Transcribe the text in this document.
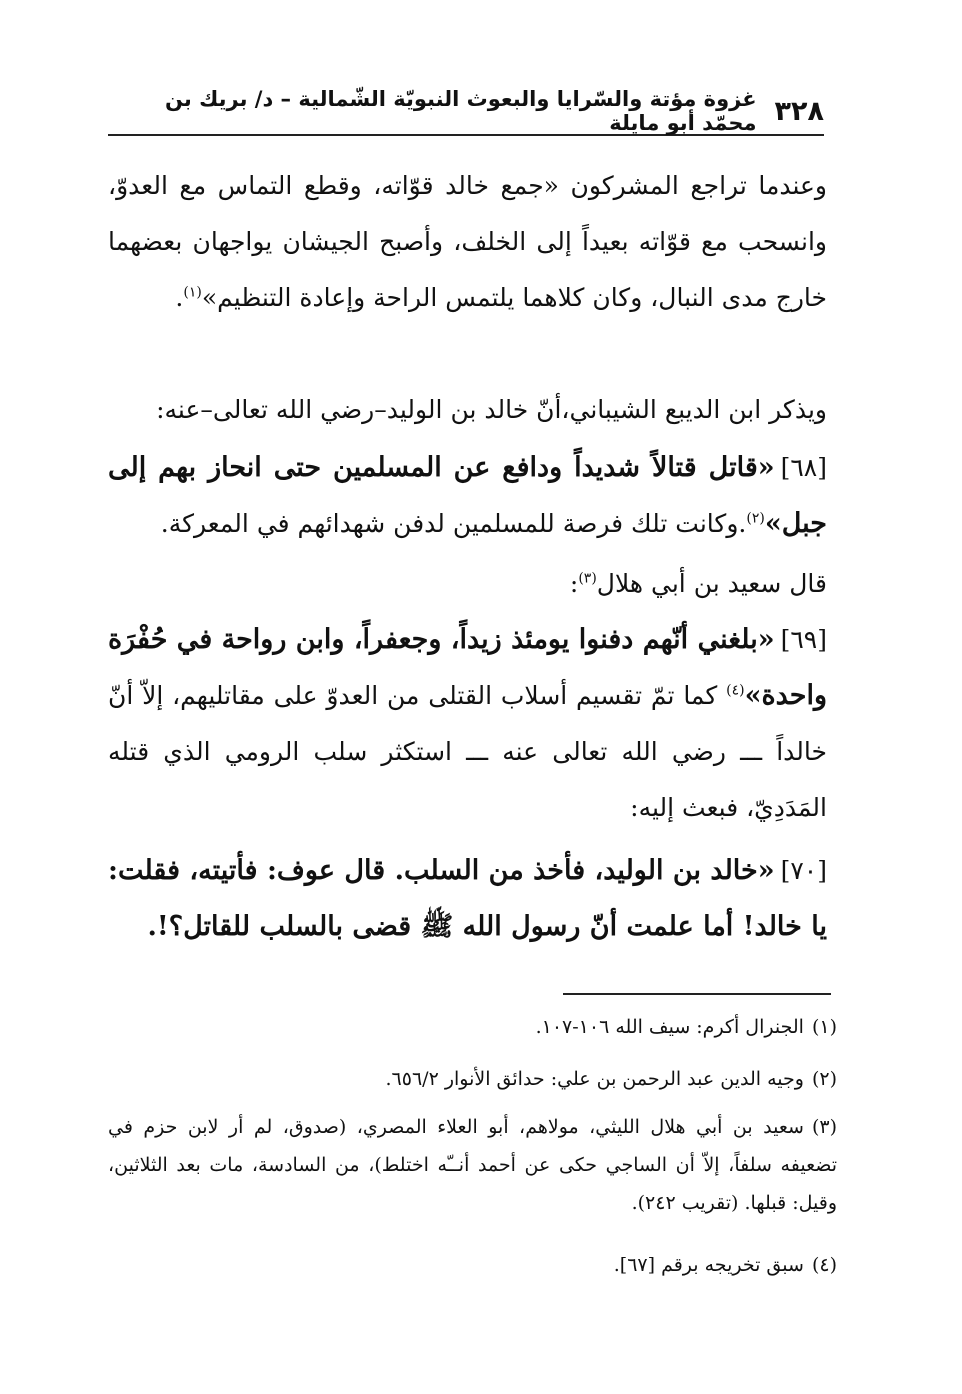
٣٢٨
غزوة مؤتة والسّرايا والبعوث النبويّة الشّمالية – د/ بريك بن محمّد أبو مايلة
وعندما تراجع المشركون «جمع خالد قوّاته، وقطع التماس مع العدوّ، وانسحب مع قوّاته بعيداً إلى الخلف، وأصبح الجيشان يواجهان بعضهما خارج مدى النبال، وكان كلاهما يلتمس الراحة وإعادة التنظيم»$^{(١)}$.
ويذكر ابن الديبع الشيباني،أنّ خالد بن الوليد–رضي الله تعالى–عنه:
[٦٨]«قاتل قتالاً شديداً ودافع عن المسلمين حتى انحاز بهم إلى جبل»$^{(٢)}$.وكانت تلك فرصة للمسلمين لدفن شهدائهم في المعركة.
قال سعيد بن أبي هلال$^{(٣)}$:
[٦٩]«بلغني أنّهم دفنوا يومئذ زيداً، وجعفراً، وابن رواحة في حُفْرَة واحدة»$^{(٤)}$ كما تمّ تقسيم أسلاب القتلى من العدوّ على مقاتليهم، إلاّ أنّ خالداً ـــ رضي الله تعالى عنه ـــ استكثر سلب الرومي الذي قتله المَدَدِيّ، فبعث إليه:
[٧٠]«خالد بن الوليد، فأخذ من السلب. قال عوف: فأتيته، فقلت: يا خالد! أما علمت أنّ رسول الله ﷺ قضى بالسلب للقاتل؟!.
(١)الجنرال أكرم: سيف الله ١٠٦-١٠٧.
(٢)وجيه الدين عبد الرحمن بن علي: حدائق الأنوار ٦٥٦/٢.
(٣)سعيد بن أبي هلال الليثي، مولاهم، أبو العلاء المصري، (صدوق، لم أر لابن حزم في تضعيفه سلفاً، إلاّ أن الساجي حكى عن أحمد أنــّه اختلط)، من السادسة، مات بعد الثلاثين، وقيل: قبلها. (تقريب ٢٤٢).
(٤)سبق تخريجه برقم [٦٧].
